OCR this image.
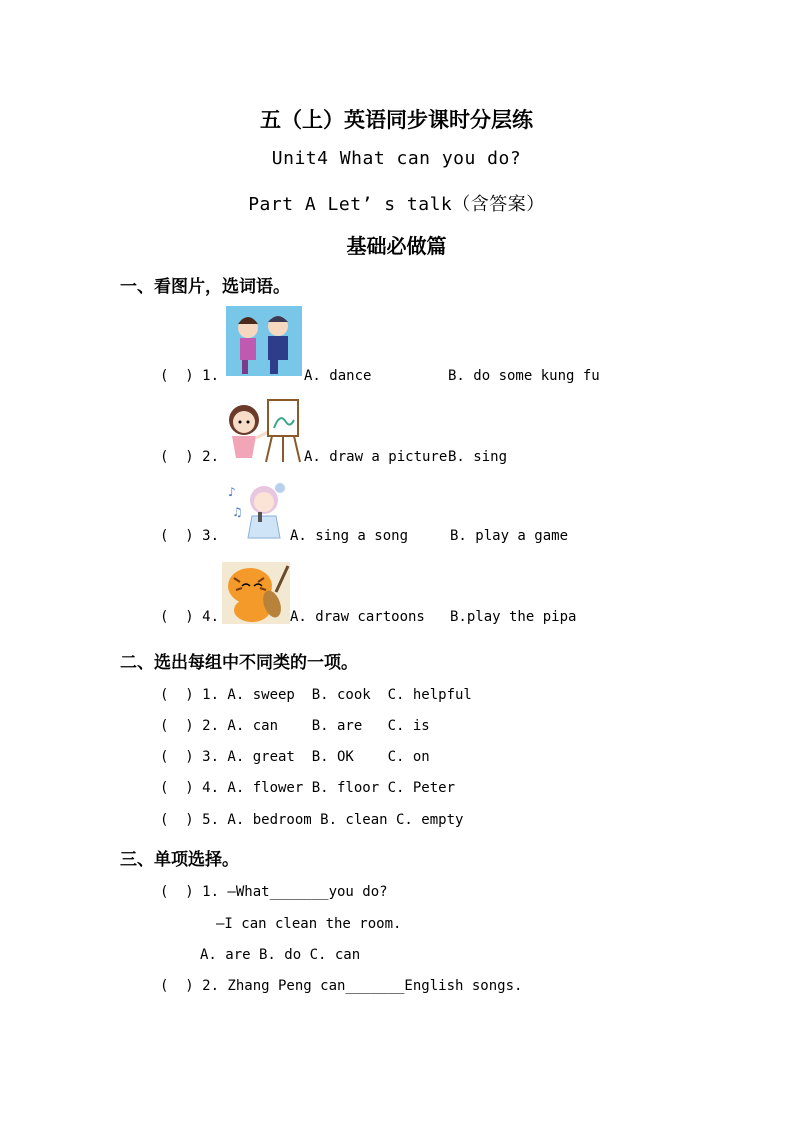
五（上）英语同步课时分层练
Unit4 What can you do?
Part A Let’ s talk（含答案）
基础必做篇
一、看图片，选词语。
(  ) 1.	A. dance	B. do some kung fu
(  ) 2.	A. draw a picture B. sing
(  ) 3.
♪
♫
A. sing a song	B. play a game
(  ) 4.	A. draw cartoons B.play the pipa
二、选出每组中不同类的一项。
(  ) 1. A. sweep  B. cook  C. helpful
(  ) 2. A. can    B. are   C. is
(  ) 3. A. great  B. OK    C. on
(  ) 4. A. flower B. floor C. Peter
(  ) 5. A. bedroom B. clean C. empty
三、单项选择。
(  ) 1. —What_______you do?
—I can clean the room.
A. are B. do C. can
(  ) 2. Zhang Peng can_______English songs.
